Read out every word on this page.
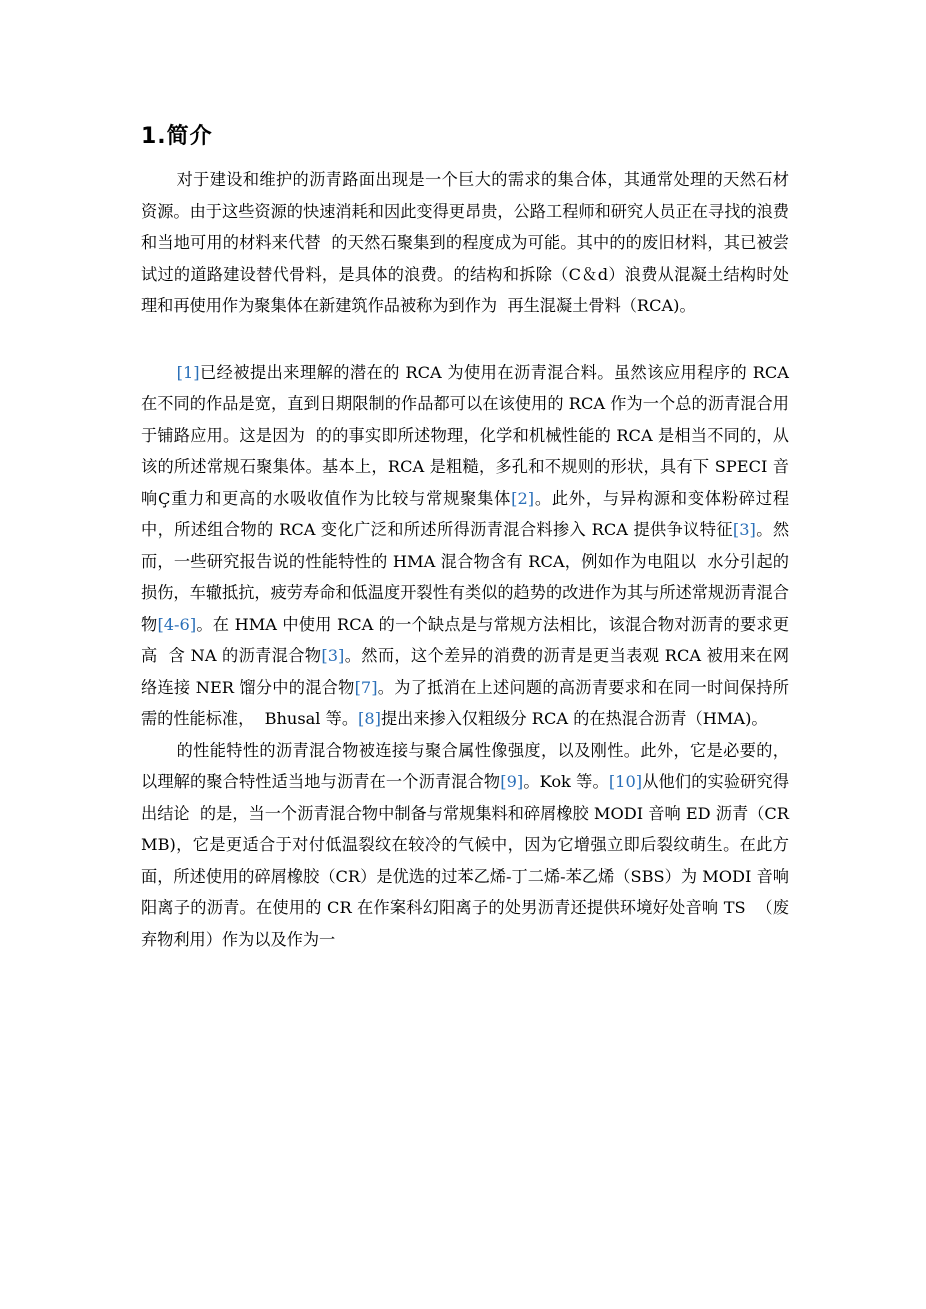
1.简介

对于建设和维护的沥青路面出现是一个巨大的需求的集合体，其通常处理的天然石材资源。由于这些资源的快速消耗和因此变得更昂贵，公路工程师和研究人员正在寻找的浪费和当地可用的材料来代替  的天然石聚集到的程度成为可能。其中的的废旧材料，其已被尝试过的道路建设替代骨料，是具体的浪费。的结构和拆除（C＆d）浪费从混凝土结构时处理和再使用作为聚集体在新建筑作品被称为到作为  再生混凝土骨料（RCA)。

[1]已经被提出来理解的潜在的 RCA 为使用在沥青混合料。虽然该应用程序的 RCA 在不同的作品是宽，直到日期限制的作品都可以在该使用的 RCA 作为一个总的沥青混合用于铺路应用。这是因为  的的事实即所述物理，化学和机械性能的 RCA 是相当不同的，从该的所述常规石聚集体。基本上，RCA 是粗糙，多孔和不规则的形状，具有下 SPECI 音响Ç重力和更高的水吸收值作为比较与常规聚集体[2]。此外，与异构源和变体粉碎过程中，所述组合物的 RCA 变化广泛和所述所得沥青混合料掺入 RCA 提供争议特征[3]。然而，一些研究报告说的性能特性的 HMA 混合物含有 RCA，例如作为电阻以  水分引起的损伤，车辙抵抗，疲劳寿命和低温度开裂性有类似的趋势的改进作为其与所述常规沥青混合物[4-6]。在 HMA 中使用 RCA 的一个缺点是与常规方法相比，该混合物对沥青的要求更高  含 NA 的沥青混合物[3]。然而，这个差异的消费的沥青是更当表观 RCA 被用来在网络连接 NER 馏分中的混合物[7]。为了抵消在上述问题的高沥青要求和在同一时间保持所需的性能标准，  Bhusal 等。[8]提出来掺入仅粗级分 RCA 的在热混合沥青（HMA)。

的性能特性的沥青混合物被连接与聚合属性像强度，以及刚性。此外，它是必要的，以理解的聚合特性适当地与沥青在一个沥青混合物[9]。Kok 等。[10]从他们的实验研究得出结论  的是，当一个沥青混合物中制备与常规集料和碎屑橡胶 MODI 音响 ED 沥青（CRMB)，它是更适合于对付低温裂纹在较冷的气候中，因为它增强立即后裂纹萌生。在此方面，所述使用的碎屑橡胶（CR）是优选的过苯乙烯-丁二烯-苯乙烯（SBS）为 MODI 音响阳离子的沥青。在使用的 CR 在作案科幻阳离子的处男沥青还提供环境好处音响 TS  （废弃物利用）作为以及作为一
